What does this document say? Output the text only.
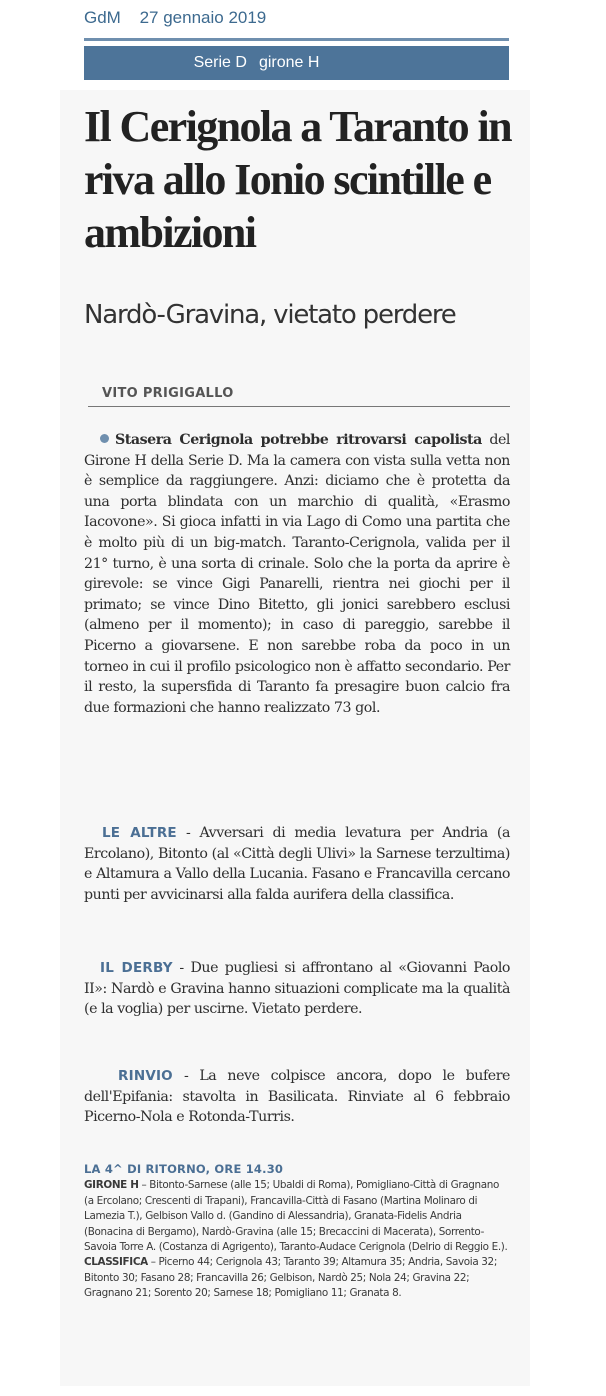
GdM 27 gennaio 2019
Serie D girone H
Il Cerignola a Taranto in riva allo Ionio scintille e ambizioni
Nardò-Gravina, vietato perdere
VITO PRIGIGALLO

Stasera Cerignola potrebbe ritrovarsi capolista del Girone H della Serie D. Ma la camera con vista sulla vetta non è semplice da raggiungere. Anzi: diciamo che è protetta da una porta blindata con un marchio di qualità, «Erasmo Iacovone». Si gioca infatti in via Lago di Como una partita che è molto più di un big-match. Taranto-Cerignola, valida per il 21° turno, è una sorta di crinale. Solo che la porta da aprire è girevole: se vince Gigi Panarelli, rientra nei giochi per il primato; se vince Dino Bitetto, gli jonici sarebbero esclusi (almeno per il momento); in caso di pareggio, sarebbe il Picerno a giovarsene. E non sarebbe roba da poco in un torneo in cui il profilo psicologico non è affatto secondario. Per il resto, la supersfida di Taranto fa presagire buon calcio fra due formazioni che hanno realizzato 73 gol.

LE ALTRE - Avversari di media levatura per Andria (a Ercolano), Bitonto (al «Città degli Ulivi» la Sarnese terzultima) e Altamura a Vallo della Lucania. Fasano e Francavilla cercano punti per avvicinarsi alla falda aurifera della classifica.

IL DERBY - Due pugliesi si affrontano al «Giovanni Paolo II»: Nardò e Gravina hanno situazioni complicate ma la qualità (e la voglia) per uscirne. Vietato perdere.

RINVIO - La neve colpisce ancora, dopo le bufere dell'Epifania: stavolta in Basilicata. Rinviate al 6 febbraio Picerno-Nola e Rotonda-Turris.

LA 4^ DI RITORNO, ORE 14.30

GIRONE H – Bitonto-Sarnese (alle 15; Ubaldi di Roma), Pomigliano-Città di Gragnano (a Ercolano; Crescenti di Trapani), Francavilla-Città di Fasano (Martina Molinaro di Lamezia T.), Gelbison Vallo d. (Gandino di Alessandria), Granata-Fidelis Andria (Bonacina di Bergamo), Nardò-Gravina (alle 15; Brecaccini di Macerata), Sorrento-Savoia Torre A. (Costanza di Agrigento), Taranto-Audace Cerignola (Delrio di Reggio E.).

CLASSIFICA – Picerno 44; Cerignola 43; Taranto 39; Altamura 35; Andria, Savoia 32; Bitonto 30; Fasano 28; Francavilla 26; Gelbison, Nardò 25; Nola 24; Gravina 22; Gragnano 21; Sorento 20; Sarnese 18; Pomigliano 11; Granata 8.
